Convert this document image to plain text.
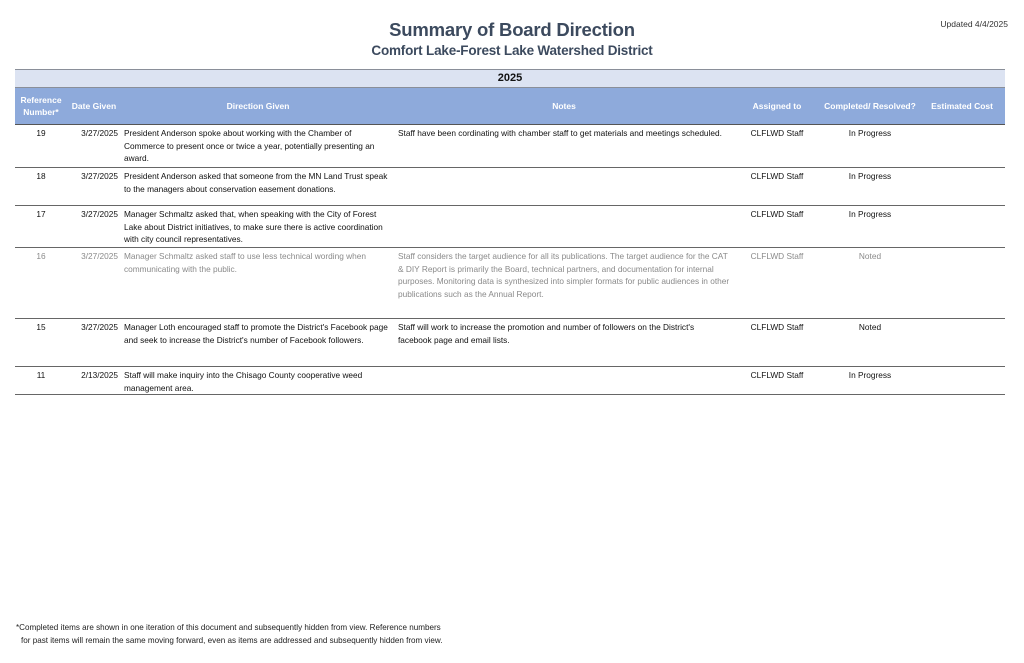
Summary of Board Direction
Comfort Lake-Forest Lake Watershed District
Updated 4/4/2025
2025						
Reference Number*	Date Given	Direction Given	Notes	Assigned to	Completed/ Resolved?	Estimated Cost
19	3/27/2025	President Anderson spoke about working with the Chamber of Commerce to present once or twice a year, potentially presenting an award.	Staff have been cordinating with chamber staff to get materials and meetings scheduled.	CLFLWD Staff	In Progress	
18	3/27/2025	President Anderson asked that someone from the MN Land Trust speak to the managers about conservation easement donations.		CLFLWD Staff	In Progress	
17	3/27/2025	Manager Schmaltz asked that, when speaking with the City of Forest Lake about District initiatives, to make sure there is active coordination with city council representatives.		CLFLWD Staff	In Progress	
16	3/27/2025	Manager Schmaltz asked staff to use less technical wording when communicating with the public.	Staff considers the target audience for all its publications. The target audience for the CAT & DIY Report is primarily the Board, technical partners, and documentation for internal purposes. Monitoring data is synthesized into simpler formats for public audiences in other publications such as the Annual Report.	CLFLWD Staff	Noted	
15	3/27/2025	Manager Loth encouraged staff to promote the District's Facebook page and seek to increase the District's number of Facebook followers.	Staff will work to increase the promotion and number of followers on the District's facebook page and email lists.	CLFLWD Staff	Noted	
11	2/13/2025	Staff will make inquiry into the Chisago County cooperative weed management area.		CLFLWD Staff	In Progress	
*Completed items are shown in one iteration of this document and subsequently hidden from view. Reference numbers
for past items will remain the same moving forward, even as items are addressed and subsequently hidden from view.
